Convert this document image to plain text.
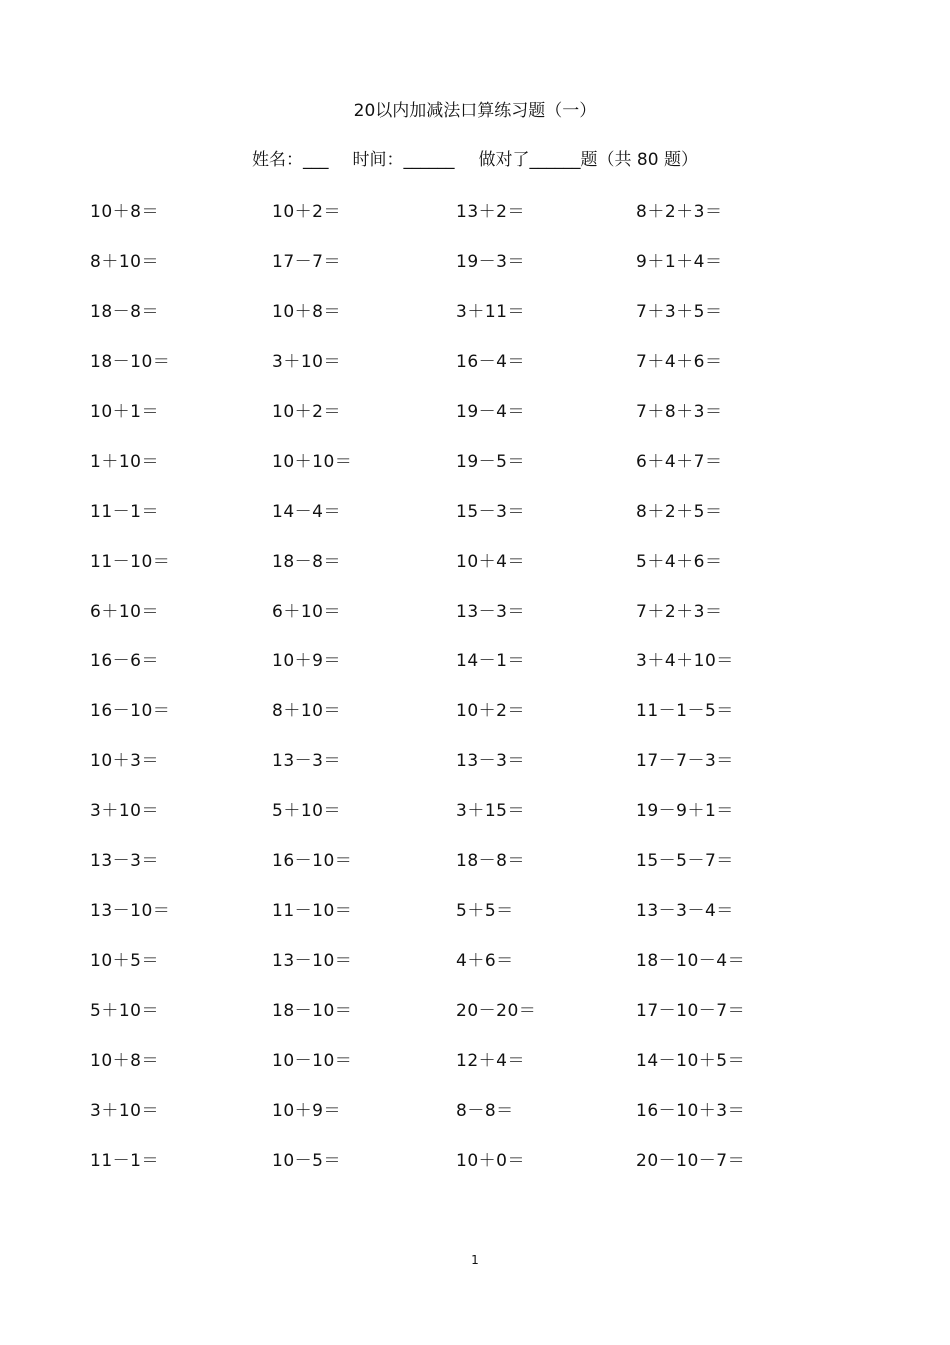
20以内加减法口算练习题（一）
姓名：___ 时间：______ 做对了______题（共 80 题）
10＋8＝	10＋2＝	13＋2＝	8＋2＋3＝
8＋10＝	17－7＝	19－3＝	9＋1＋4＝
18－8＝	10＋8＝	3＋11＝	7＋3＋5＝
18－10＝	3＋10＝	16－4＝	7＋4＋6＝
10＋1＝	10＋2＝	19－4＝	7＋8＋3＝
1＋10＝	10＋10＝	19－5＝	6＋4＋7＝
11－1＝	14－4＝	15－3＝	8＋2＋5＝
11－10＝	18－8＝	10＋4＝	5＋4＋6＝
6＋10＝	6＋10＝	13－3＝	7＋2＋3＝
16－6＝	10＋9＝	14－1＝	3＋4＋10＝
16－10＝	8＋10＝	10＋2＝	11－1－5＝
10＋3＝	13－3＝	13－3＝	17－7－3＝
3＋10＝	5＋10＝	3＋15＝	19－9＋1＝
13－3＝	16－10＝	18－8＝	15－5－7＝
13－10＝	11－10＝	5＋5＝	13－3－4＝
10＋5＝	13－10＝	4＋6＝	18－10－4＝
5＋10＝	18－10＝	20－20＝	17－10－7＝
10＋8＝	10－10＝	12＋4＝	14－10＋5＝
3＋10＝	10＋9＝	8－8＝	16－10＋3＝
11－1＝	10－5＝	10＋0＝	20－10－7＝
1
